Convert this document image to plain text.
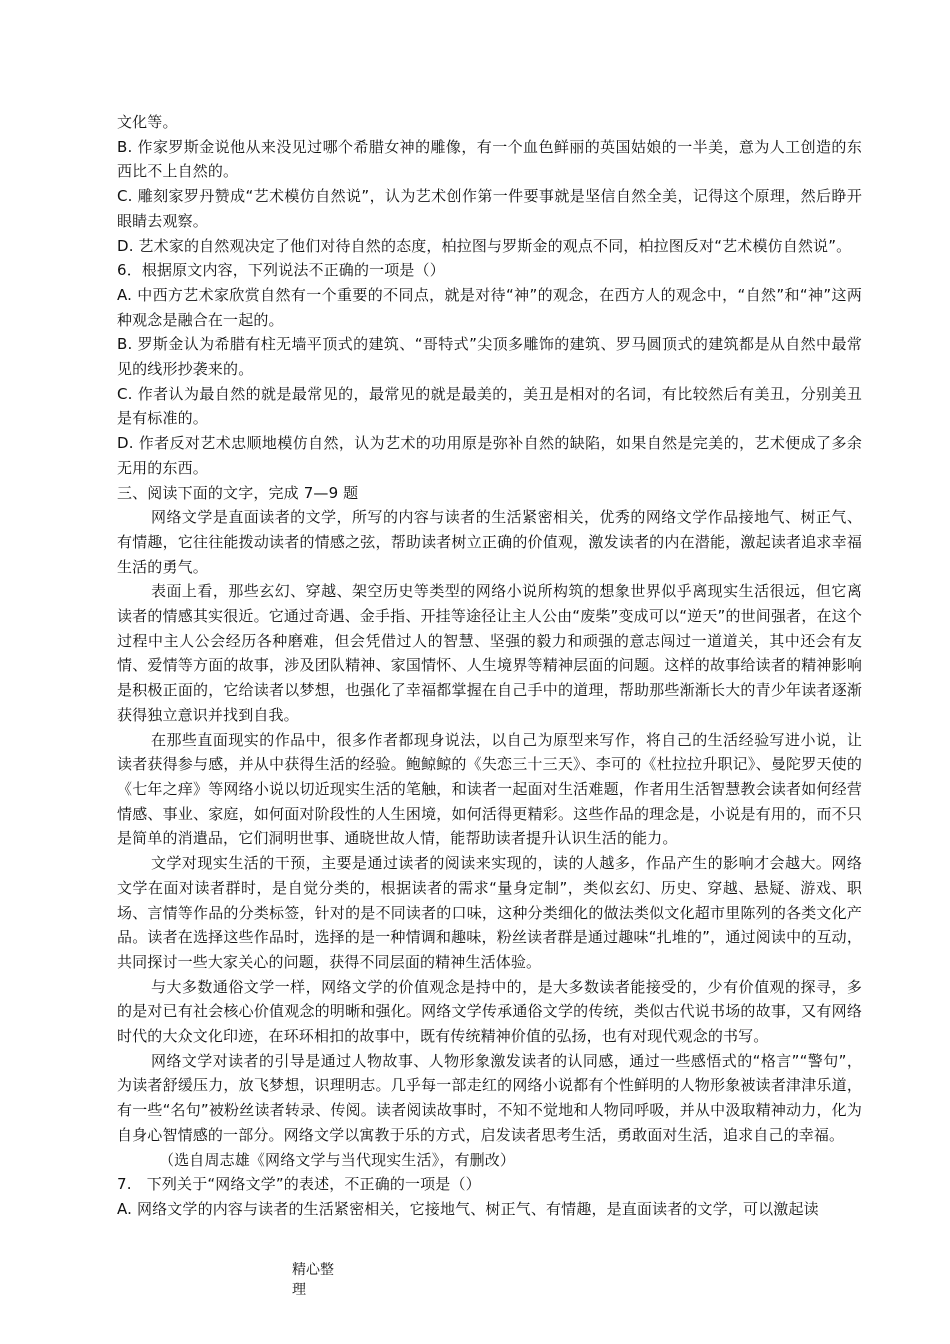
文化等。

B. 作家罗斯金说他从来没见过哪个希腊女神的雕像，有一个血色鲜丽的英国姑娘的一半美，意为人工创造的东西比不上自然的。

C. 雕刻家罗丹赞成“艺术模仿自然说”，认为艺术创作第一件要事就是坚信自然全美，记得这个原理，然后睁开眼睛去观察。

D. 艺术家的自然观决定了他们对待自然的态度，柏拉图与罗斯金的观点不同，柏拉图反对“艺术模仿自然说”。

6．根据原文内容，下列说法不正确的一项是（）

A. 中西方艺术家欣赏自然有一个重要的不同点，就是对待“神”的观念，在西方人的观念中，“自然”和“神”这两种观念是融合在一起的。

B. 罗斯金认为希腊有柱无墙平顶式的建筑、“哥特式”尖顶多雕饰的建筑、罗马圆顶式的建筑都是从自然中最常见的线形抄袭来的。

C. 作者认为最自然的就是最常见的，最常见的就是最美的，美丑是相对的名词，有比较然后有美丑，分别美丑是有标准的。

D. 作者反对艺术忠顺地模仿自然，认为艺术的功用原是弥补自然的缺陷，如果自然是完美的，艺术便成了多余无用的东西。

三、阅读下面的文字，完成 7—9 题

网络文学是直面读者的文学，所写的内容与读者的生活紧密相关，优秀的网络文学作品接地气、树正气、有情趣，它往往能拨动读者的情感之弦，帮助读者树立正确的价值观，激发读者的内在潜能，激起读者追求幸福生活的勇气。

表面上看，那些玄幻、穿越、架空历史等类型的网络小说所构筑的想象世界似乎离现实生活很远，但它离读者的情感其实很近。它通过奇遇、金手指、开挂等途径让主人公由“废柴”变成可以“逆天”的世间强者，在这个过程中主人公会经历各种磨难，但会凭借过人的智慧、坚强的毅力和顽强的意志闯过一道道关，其中还会有友情、爱情等方面的故事，涉及团队精神、家国情怀、人生境界等精神层面的问题。这样的故事给读者的精神影响是积极正面的，它给读者以梦想，也强化了幸福都掌握在自己手中的道理，帮助那些渐渐长大的青少年读者逐渐获得独立意识并找到自我。

在那些直面现实的作品中，很多作者都现身说法，以自己为原型来写作，将自己的生活经验写进小说，让读者获得参与感，并从中获得生活的经验。鲍鲸鲸的《失恋三十三天》、李可的《杜拉拉升职记》、曼陀罗天使的《七年之痒》等网络小说以切近现实生活的笔触，和读者一起面对生活难题，作者用生活智慧教会读者如何经营情感、事业、家庭，如何面对阶段性的人生困境，如何活得更精彩。这些作品的理念是，小说是有用的，而不只是简单的消遣品，它们洞明世事、通晓世故人情，能帮助读者提升认识生活的能力。

文学对现实生活的干预，主要是通过读者的阅读来实现的，读的人越多，作品产生的影响才会越大。网络文学在面对读者群时，是自觉分类的，根据读者的需求“量身定制”，类似玄幻、历史、穿越、悬疑、游戏、职场、言情等作品的分类标签，针对的是不同读者的口味，这种分类细化的做法类似文化超市里陈列的各类文化产品。读者在选择这些作品时，选择的是一种情调和趣味，粉丝读者群是通过趣味“扎堆的”，通过阅读中的互动，共同探讨一些大家关心的问题，获得不同层面的精神生活体验。

与大多数通俗文学一样，网络文学的价值观念是持中的，是大多数读者能接受的，少有价值观的探寻，多的是对已有社会核心价值观念的明晰和强化。网络文学传承通俗文学的传统，类似古代说书场的故事，又有网络时代的大众文化印迹，在环环相扣的故事中，既有传统精神价值的弘扬，也有对现代观念的书写。

网络文学对读者的引导是通过人物故事、人物形象激发读者的认同感，通过一些感悟式的“格言”“警句”，为读者舒缓压力，放飞梦想，识理明志。几乎每一部走红的网络小说都有个性鲜明的人物形象被读者津津乐道，有一些“名句”被粉丝读者转录、传阅。读者阅读故事时，不知不觉地和人物同呼吸，并从中汲取精神动力，化为自身心智情感的一部分。网络文学以寓教于乐的方式，启发读者思考生活，勇敢面对生活，追求自己的幸福。

（选自周志雄《网络文学与当代现实生活》，有删改）

7.　下列关于“网络文学”的表述，不正确的一项是（）

A. 网络文学的内容与读者的生活紧密相关，它接地气、树正气、有情趣，是直面读者的文学，可以激起读

精心整
理
